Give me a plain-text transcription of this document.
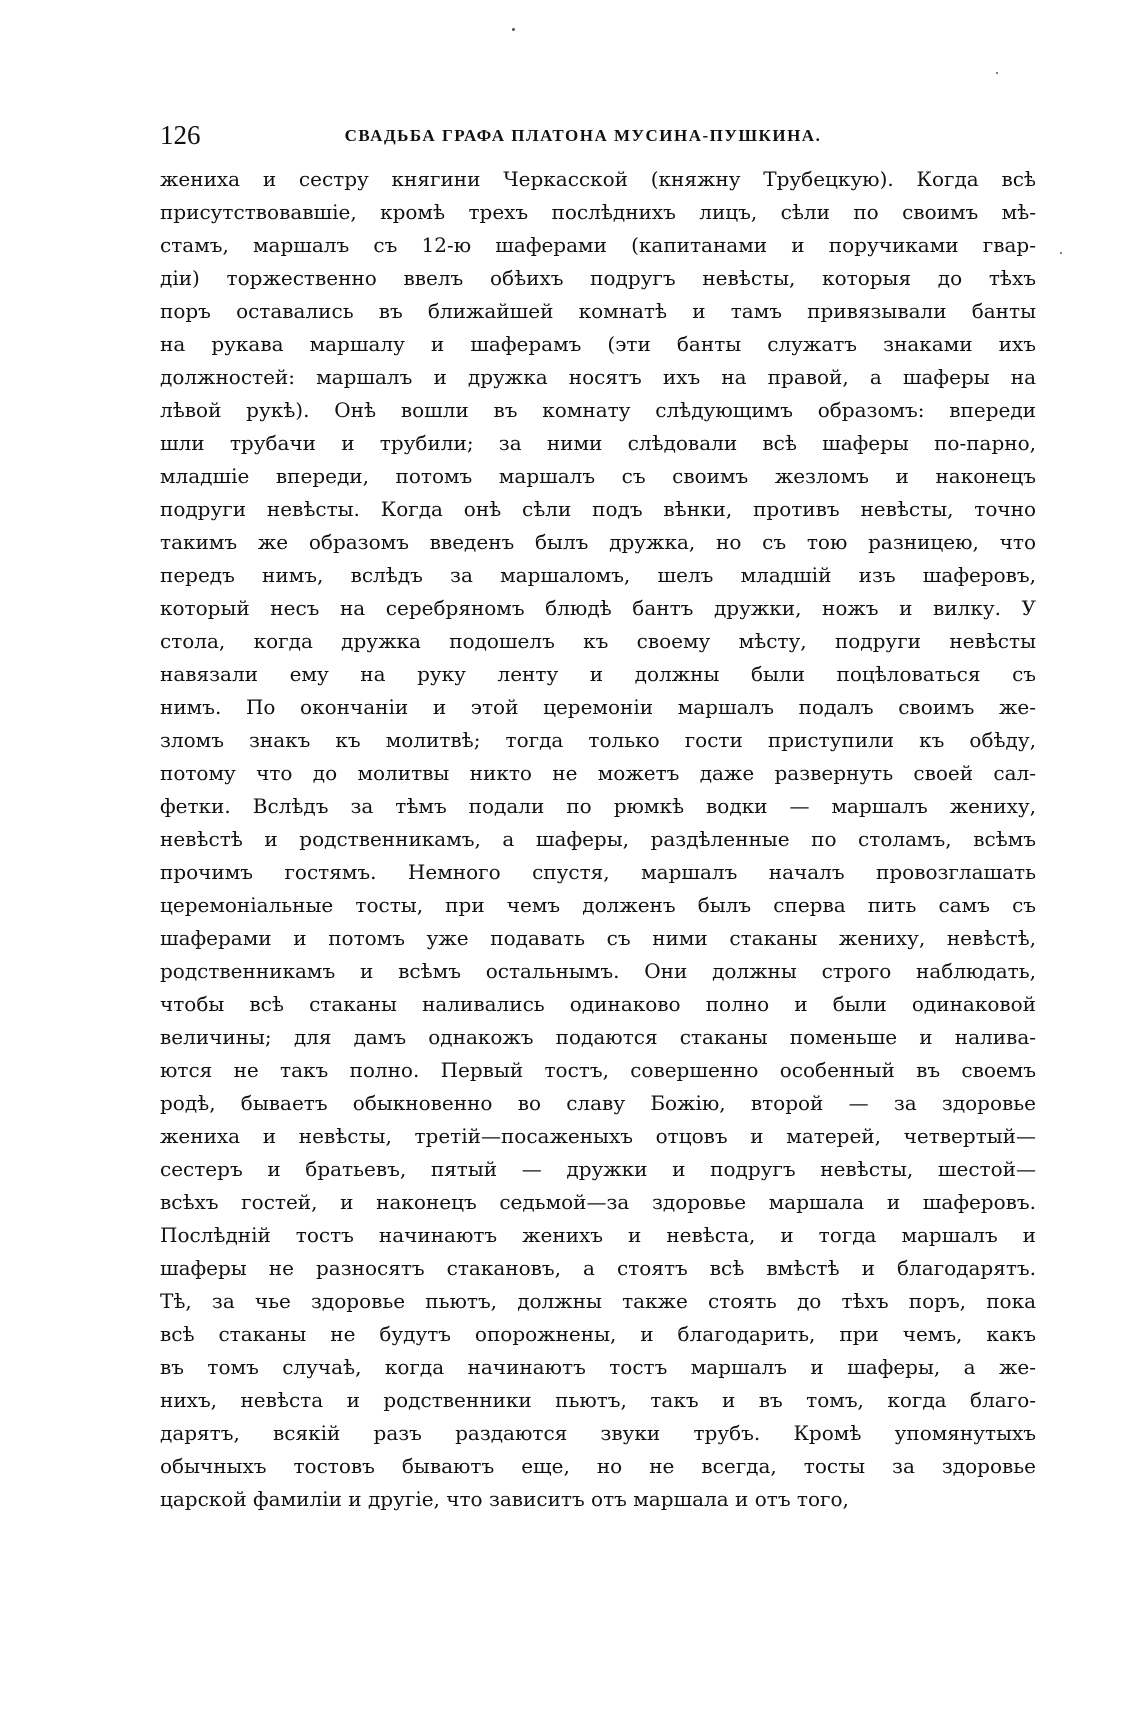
126	СВАДЬБА ГРАФА ПЛАТОНА МУСИНА-ПУШКИНА.
жениха и сестру княгини Черкасской (княжну Трубецкую). Когда всѣ
присутствовавшіе, кромѣ трехъ послѣднихъ лицъ, сѣли по своимъ мѣ-
стамъ, маршалъ съ 12-ю шаферами (капитанами и поручиками гвар-
діи) торжественно ввелъ обѣихъ подругъ невѣсты, которыя до тѣхъ
поръ оставались въ ближайшей комнатѣ и тамъ привязывали банты
на рукава маршалу и шаферамъ (эти банты служатъ знаками ихъ
должностей: маршалъ и дружка носятъ ихъ на правой, а шаферы на
лѣвой рукѣ). Онѣ вошли въ комнату слѣдующимъ образомъ: впереди
шли трубачи и трубили; за ними слѣдовали всѣ шаферы по-парно,
младшіе впереди, потомъ маршалъ съ своимъ жезломъ и наконецъ
подруги невѣсты. Когда онѣ сѣли подъ вѣнки, противъ невѣсты, точно
такимъ же образомъ введенъ былъ дружка, но съ тою разницею, что
передъ нимъ, вслѣдъ за маршаломъ, шелъ младшій изъ шаферовъ,
который несъ на серебряномъ блюдѣ бантъ дружки, ножъ и вилку. У
стола, когда дружка подошелъ къ своему мѣсту, подруги невѣсты
навязали ему на руку ленту и должны были поцѣловаться съ
нимъ. По окончаніи и этой церемоніи маршалъ подалъ своимъ же-
зломъ знакъ къ молитвѣ; тогда только гости приступили къ обѣду,
потому что до молитвы никто не можетъ даже развернуть своей сал-
фетки. Вслѣдъ за тѣмъ подали по рюмкѣ водки — маршалъ жениху,
невѣстѣ и родственникамъ, а шаферы, раздѣленные по столамъ, всѣмъ
прочимъ гостямъ. Немного спустя, маршалъ началъ провозглашать
церемоніальные тосты, при чемъ долженъ былъ сперва пить самъ съ
шаферами и потомъ уже подавать съ ними стаканы жениху, невѣстѣ,
родственникамъ и всѣмъ остальнымъ. Они должны строго наблюдать,
чтобы всѣ стаканы наливались одинаково полно и были одинаковой
величины; для дамъ однакожъ подаются стаканы поменьше и налива-
ются не такъ полно. Первый тостъ, совершенно особенный въ своемъ
родѣ, бываетъ обыкновенно во славу Божію, второй — за здоровье
жениха и невѣсты, третій—посаженыхъ отцовъ и матерей, четвертый—
сестеръ и братьевъ, пятый — дружки и подругъ невѣсты, шестой—
всѣхъ гостей, и наконецъ седьмой—за здоровье маршала и шаферовъ.
Послѣдній тостъ начинаютъ женихъ и невѣста, и тогда маршалъ и
шаферы не разносятъ стакановъ, а стоятъ всѣ вмѣстѣ и благодарятъ.
Тѣ, за чье здоровье пьютъ, должны также стоять до тѣхъ поръ, пока
всѣ стаканы не будутъ опорожнены, и благодарить, при чемъ, какъ
въ томъ случаѣ, когда начинаютъ тостъ маршалъ и шаферы, а же-
нихъ, невѣста и родственники пьютъ, такъ и въ томъ, когда благо-
дарятъ, всякій разъ раздаются звуки трубъ. Кромѣ упомянутыхъ
обычныхъ тостовъ бываютъ еще, но не всегда, тосты за здоровье
царской фамиліи и другіе, что зависитъ отъ маршала и отъ того,
